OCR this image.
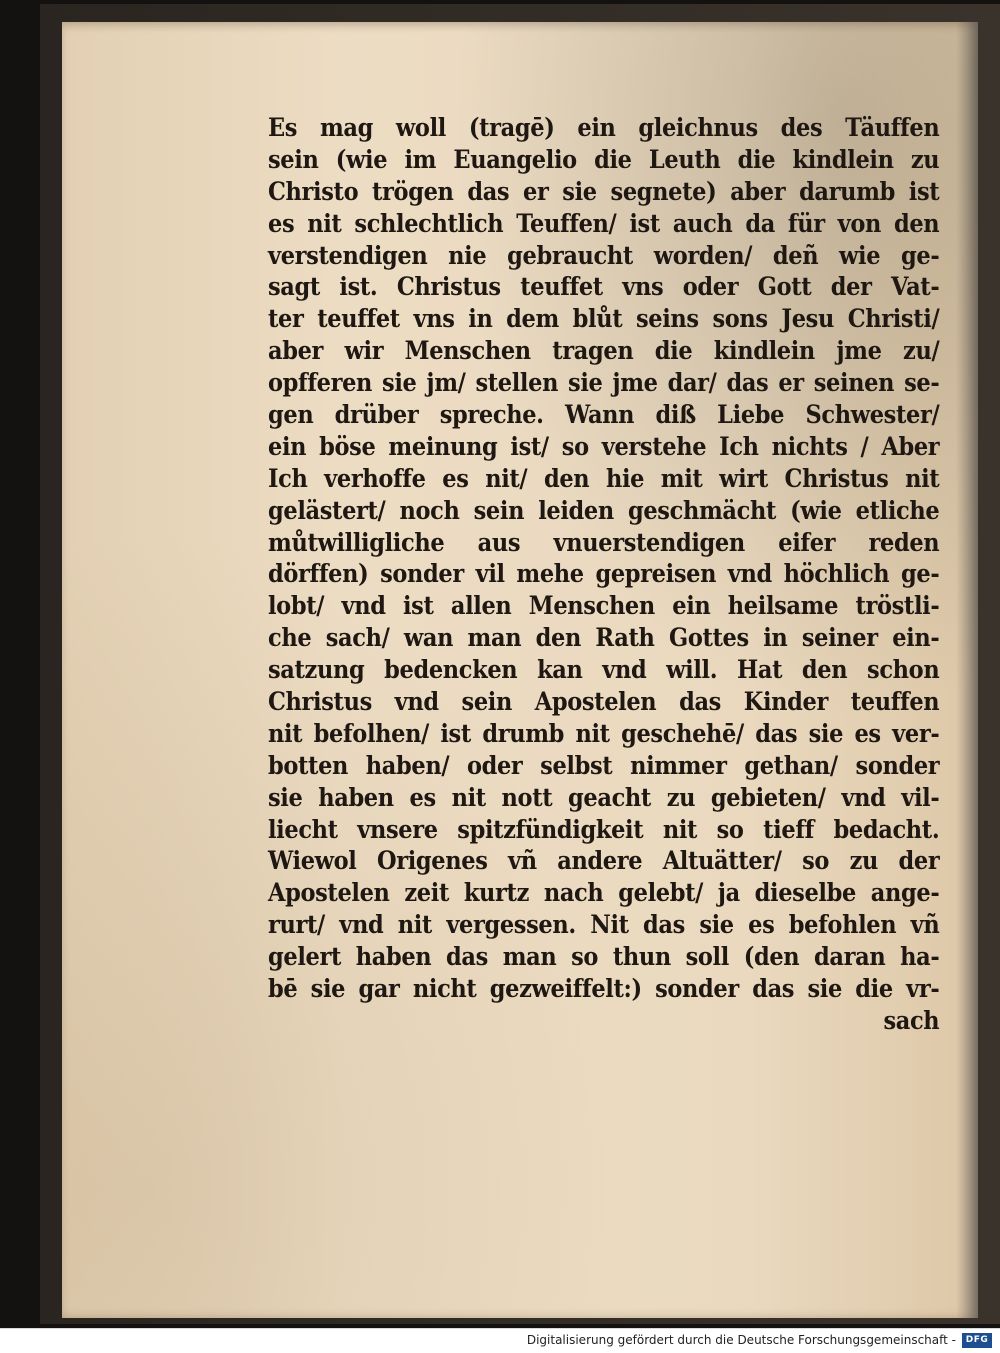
Es mag woll (tragē) ein gleichnus des Täuffen
sein (wie im Euangelio die Leuth die kindlein zu
Christo trögen das er sie segnete) aber darumb ist
es nit schlechtlich Teuffen/ ist auch da für von den
verstendigen nie gebraucht worden/ deñ wie ge-
sagt ist. Christus teuffet vns oder Gott der Vat-
ter teuffet vns in dem blůt seins sons Jesu Christi/
aber wir Menschen tragen die kindlein jme zu/
opfferen sie jm/ stellen sie jme dar/ das er seinen se-
gen drüber spreche. Wann diß Liebe Schwester/
ein böse meinung ist/ so verstehe Ich nichts / Aber
Ich verhoffe es nit/ den hie mit wirt Christus nit
gelästert/ noch sein leiden geschmächt (wie etliche
můtwilligliche aus vnuerstendigen eifer reden
dörffen) sonder vil mehe gepreisen vnd höchlich ge-
lobt/ vnd ist allen Menschen ein heilsame tröstli-
che sach/ wan man den Rath Gottes in seiner ein-
satzung bedencken kan vnd will. Hat den schon
Christus vnd sein Apostelen das Kinder teuffen
nit befolhen/ ist drumb nit geschehē/ das sie es ver-
botten haben/ oder selbst nimmer gethan/ sonder
sie haben es nit nott geacht zu gebieten/ vnd vil-
liecht vnsere spitzfündigkeit nit so tieff bedacht.
Wiewol Origenes vñ andere Altuätter/ so zu der
Apostelen zeit kurtz nach gelebt/ ja dieselbe ange-
rurt/ vnd nit vergessen. Nit das sie es befohlen vñ
gelert haben das man so thun soll (den daran ha-
bē sie gar nicht gezweiffelt:) sonder das sie die vr-
sach
Digitalisierung gefördert durch die Deutsche Forschungsgemeinschaft -	DFG
